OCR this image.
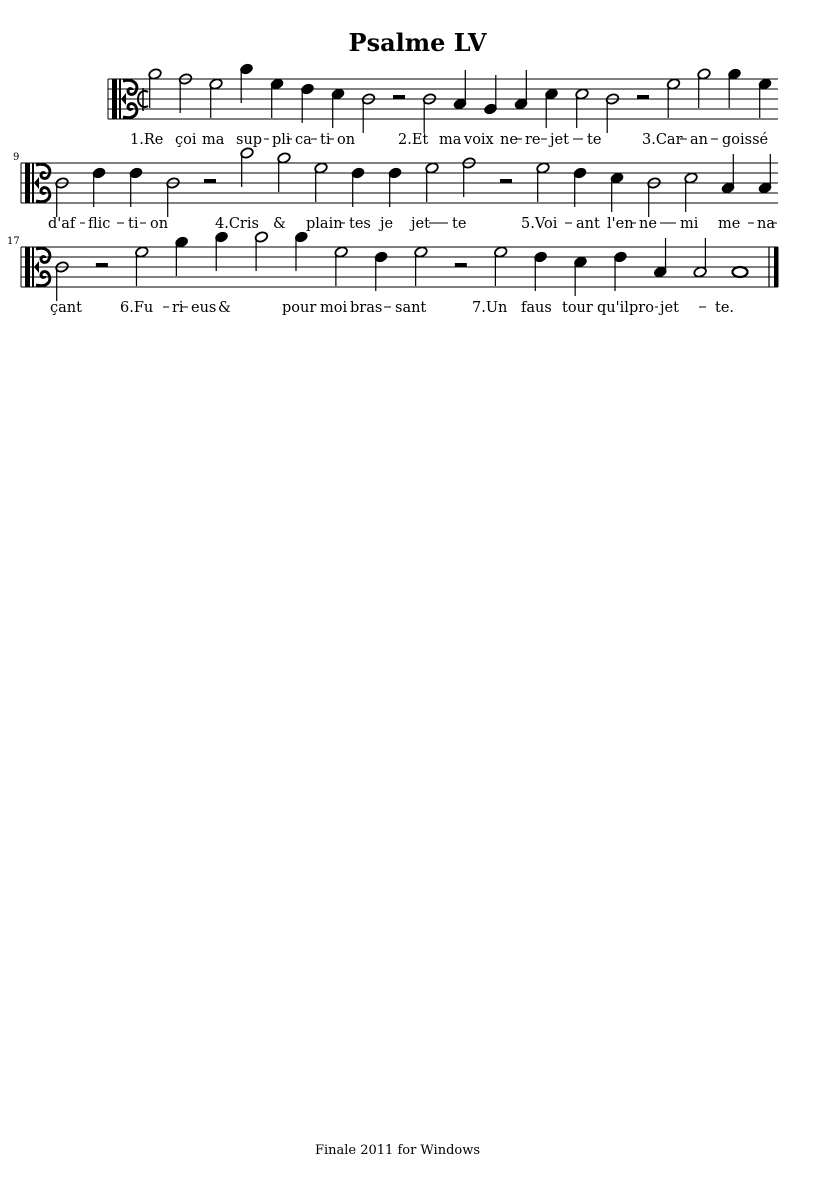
Psalme LV
1.Re çoi ma sup pli ca ti on	2.Et ma voix ne re jet te	3.Car an goissé
9
d'af flic ti on	4.Cris & plain tes je jet te	5.Voi ant l'en ne mi me na
17
çant	6.Fu ri eus &	pour moi bras sant	7.Un faus tour qu'il pro jet te.
Finale 2011 for Windows
